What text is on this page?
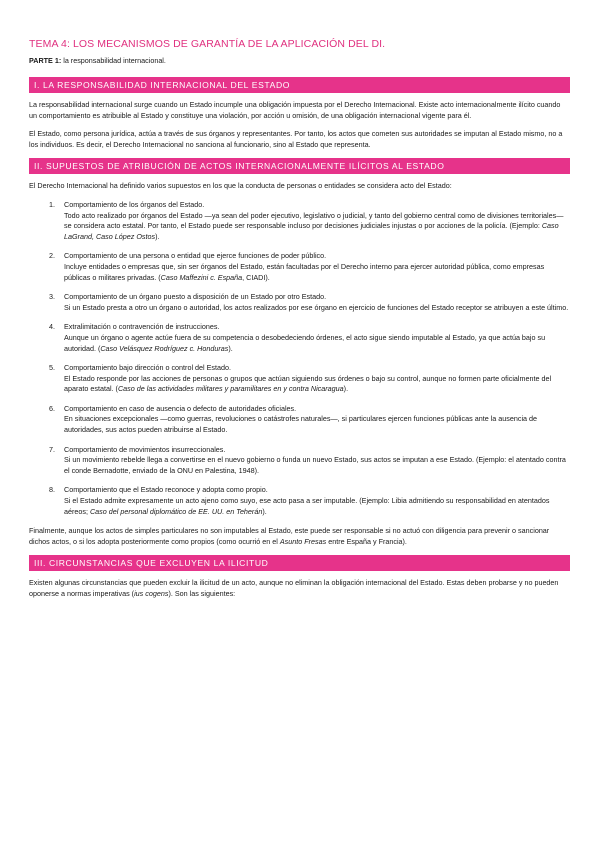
TEMA 4: LOS MECANISMOS DE GARANTÍA DE LA APLICACIÓN DEL DI.
PARTE 1: la responsabilidad internacional.
I. LA RESPONSABILIDAD INTERNACIONAL DEL ESTADO

La responsabilidad internacional surge cuando un Estado incumple una obligación impuesta por el Derecho Internacional. Existe acto internacionalmente ilícito cuando un comportamiento es atribuible al Estado y constituye una violación, por acción u omisión, de una obligación internacional vigente para él.

El Estado, como persona jurídica, actúa a través de sus órganos y representantes. Por tanto, los actos que cometen sus autoridades se imputan al Estado mismo, no a los individuos. Es decir, el Derecho Internacional no sanciona al funcionario, sino al Estado que representa.

II. SUPUESTOS DE ATRIBUCIÓN DE ACTOS INTERNACIONALMENTE ILÍCITOS AL ESTADO

El Derecho Internacional ha definido varios supuestos en los que la conducta de personas o entidades se considera acto del Estado:

1. Comportamiento de los órganos del Estado.
Todo acto realizado por órganos del Estado —ya sean del poder ejecutivo, legislativo o judicial, y tanto del gobierno central como de divisiones territoriales— se considera acto estatal. Por tanto, el Estado puede ser responsable incluso por decisiones judiciales injustas o por acciones de la policía. (Ejemplo: Caso LaGrand, Caso López Ostos).
2. Comportamiento de una persona o entidad que ejerce funciones de poder público.
Incluye entidades o empresas que, sin ser órganos del Estado, están facultadas por el Derecho interno para ejercer autoridad pública, como empresas públicas o militares privadas. (Caso Maffezini c. España, CIADI).
3. Comportamiento de un órgano puesto a disposición de un Estado por otro Estado.
Si un Estado presta a otro un órgano o autoridad, los actos realizados por ese órgano en ejercicio de funciones del Estado receptor se atribuyen a este último.
4. Extralimitación o contravención de instrucciones.
Aunque un órgano o agente actúe fuera de su competencia o desobedeciendo órdenes, el acto sigue siendo imputable al Estado, ya que actúa bajo su autoridad. (Caso Velásquez Rodríguez c. Honduras).
5. Comportamiento bajo dirección o control del Estado.
El Estado responde por las acciones de personas o grupos que actúan siguiendo sus órdenes o bajo su control, aunque no formen parte oficialmente del aparato estatal. (Caso de las actividades militares y paramilitares en y contra Nicaragua).
6. Comportamiento en caso de ausencia o defecto de autoridades oficiales.
En situaciones excepcionales —como guerras, revoluciones o catástrofes naturales—, si particulares ejercen funciones públicas ante la ausencia de autoridades, sus actos pueden atribuirse al Estado.
7. Comportamiento de movimientos insurreccionales.
Si un movimiento rebelde llega a convertirse en el nuevo gobierno o funda un nuevo Estado, sus actos se imputan a ese Estado. (Ejemplo: el atentado contra el conde Bernadotte, enviado de la ONU en Palestina, 1948).
8. Comportamiento que el Estado reconoce y adopta como propio.
Si el Estado admite expresamente un acto ajeno como suyo, ese acto pasa a ser imputable. (Ejemplo: Libia admitiendo su responsabilidad en atentados aéreos; Caso del personal diplomático de EE. UU. en Teherán).

Finalmente, aunque los actos de simples particulares no son imputables al Estado, este puede ser responsable si no actuó con diligencia para prevenir o sancionar dichos actos, o si los adopta posteriormente como propios (como ocurrió en el Asunto Fresas entre España y Francia).

III. CIRCUNSTANCIAS QUE EXCLUYEN LA ILICITUD

Existen algunas circunstancias que pueden excluir la ilicitud de un acto, aunque no eliminan la obligación internacional del Estado. Estas deben probarse y no pueden oponerse a normas imperativas (ius cogens). Son las siguientes:
